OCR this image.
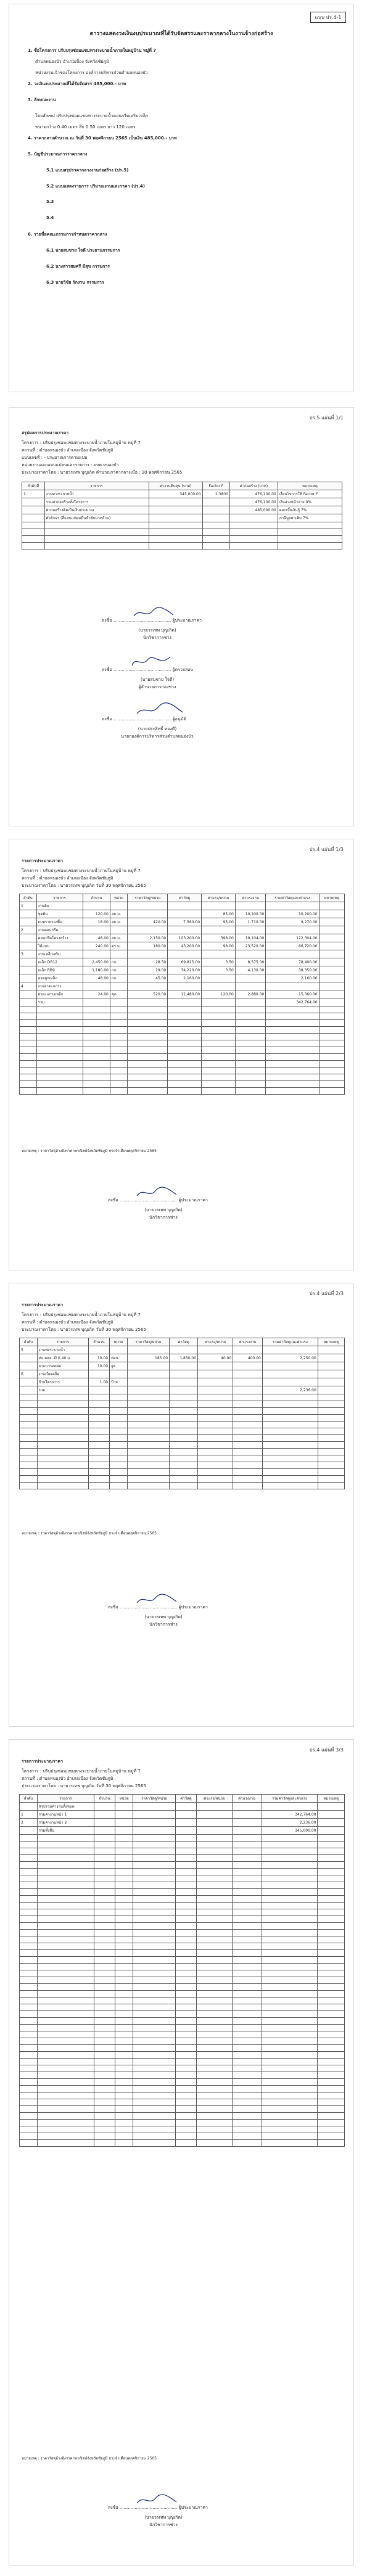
แบบ ปร.4-1
ตารางแสดงวงเงินงบประมาณที่ได้รับจัดสรรและราคากลางในงานจ้างก่อสร้าง
1. ชื่อโครงการ ปรับปรุงซ่อมแซมทางระบายน้ำภายในหมู่บ้าน หมู่ที่ 7
ตำบลหนองบัว อำเภอเมือง จังหวัดชัยภูมิ
หน่วยงานเจ้าของโครงการ องค์การบริหารส่วนตำบลหนองบัว
2. วงเงินงบประมาณที่ได้รับจัดสรร 485,000.- บาท
3. ลักษณะงาน
โดยสังเขป ปรับปรุงซ่อมแซมทางระบายน้ำคอนกรีตเสริมเหล็ก
ขนาดกว้าง 0.40 เมตร ลึก 0.50 เมตร ยาว 120 เมตร
4. ราคากลางคำนวณ ณ วันที่ 30 พฤศจิกายน 2565 เป็นเงิน 485,000.- บาท
5. บัญชีประมาณการราคากลาง
5.1 แบบสรุปราคากลางงานก่อสร้าง (ปร.5)
5.2 แบบแสดงรายการ ปริมาณงานและราคา (ปร.4)
5.3
5.4
6. รายชื่อคณะกรรมการกำหนดราคากลาง
6.1 นายสมชาย ใจดี ประธานกรรมการ
6.2 นางสาวสมศรี มีสุข กรรมการ
6.3 นายวิชัย รักงาน กรรมการ
ปร.5 แผ่นที่ 1/1
สรุปผลการประมาณราคา
โครงการ : ปรับปรุงซ่อมแซมทางระบายน้ำภายในหมู่บ้าน หมู่ที่ 7
สถานที่ : ตำบลหนองบัว อำเภอเมือง จังหวัดชัยภูมิ
แบบเลขที่ : - ประมาณการตามแบบ
หน่วยงานออกแบบแปลนและรายการ : อบต.หนองบัว
ประมาณราคาโดย : นายวรเทพ บุญเกิด คำนวณราคากลางเมื่อ : 30 พฤศจิกายน 2565
ลำดับที่	รายการ	ค่างานต้นทุน (บาท)	Factor F	ค่าก่อสร้าง (บาท)	หมายเหตุ
1	งานทางระบายน้ำ	345,000.00	1.3800	476,100.00	เงื่อนไขการใช้ Factor F
	รวมค่าก่อสร้างทั้งโครงการ			476,100.00	เงินล่วงหน้าจ่าย 0%
	ค่าก่อสร้างคิดเป็นเงินประมาณ			485,000.00	ดอกเบี้ยเงินกู้ 7%
	ตัวอักษร (สี่แสนแปดหมื่นห้าพันบาทถ้วน)				ภาษีมูลค่าเพิ่ม 7%

ลงชื่อ .......................................... ผู้ประมาณราคา
(นายวรเทพ บุญเกิด)
นักวิชาการช่าง
ลงชื่อ .......................................... ผู้ตรวจสอบ
(นายสมชาย ใจดี)
ผู้อำนวยการกองช่าง
ลงชื่อ .......................................... ผู้อนุมัติ
(นายประสิทธิ์ ทองดี)
นายกองค์การบริหารส่วนตำบลหนองบัว
ปร.4 แผ่นที่ 1/3
รายการประมาณราคา
โครงการ : ปรับปรุงซ่อมแซมทางระบายน้ำภายในหมู่บ้าน หมู่ที่ 7
สถานที่ : ตำบลหนองบัว อำเภอเมือง จังหวัดชัยภูมิ
ประมาณราคาโดย : นายวรเทพ บุญเกิด วันที่ 30 พฤศจิกายน 2565
ลำดับ	รายการ	จำนวน	หน่วย	ราคาวัสดุ/หน่วย	ค่าวัสดุ	ค่าแรง/หน่วย	ค่าแรงงาน	รวมค่าวัสดุและค่าแรง	หมายเหตุ
1	งานดิน								
	ขุดดิน	120.00	ลบ.ม.			85.00	10,200.00	10,200.00	
	ถมทรายรองพื้น	18.00	ลบ.ม.	420.00	7,560.00	95.00	1,710.00	9,270.00	
2	งานคอนกรีต								
	คอนกรีตโครงสร้าง	48.00	ลบ.ม.	2,150.00	103,200.00	398.00	19,104.00	122,304.00	
	ไม้แบบ	240.00	ตร.ม.	180.00	43,200.00	98.00	23,520.00	66,720.00	
3	งานเหล็กเสริม								
	เหล็ก DB12	2,450.00	กก.	28.50	69,825.00	3.50	8,575.00	78,400.00	
	เหล็ก RB9	1,180.00	กก.	29.00	34,220.00	3.50	4,130.00	38,350.00	
	ลวดผูกเหล็ก	48.00	กก.	45.00	2,160.00			2,160.00	
4	งานฝาตะแกรง								
	ฝาตะแกรงเหล็ก	24.00	ชุด	520.00	12,480.00	120.00	2,880.00	15,360.00	
	รวม							342,764.00	

หมายเหตุ : ราคาวัสดุอ้างอิงราคาพาณิชย์จังหวัดชัยภูมิ ประจำเดือนพฤศจิกายน 2565
ลงชื่อ .......................................... ผู้ประมาณราคา
(นายวรเทพ บุญเกิด)
นักวิชาการช่าง
ปร.4 แผ่นที่ 2/3
รายการประมาณราคา
โครงการ : ปรับปรุงซ่อมแซมทางระบายน้ำภายในหมู่บ้าน หมู่ที่ 7
สถานที่ : ตำบลหนองบัว อำเภอเมือง จังหวัดชัยภูมิ
ประมาณราคาโดย : นายวรเทพ บุญเกิด วันที่ 30 พฤศจิกายน 2565
ลำดับ	รายการ	จำนวน	หน่วย	ราคาวัสดุ/หน่วย	ค่าวัสดุ	ค่าแรง/หน่วย	ค่าแรงงาน	รวมค่าวัสดุและค่าแรง	หมายเหตุ
5	งานท่อระบายน้ำ								
	ท่อ คสล. Ø 0.40 ม.	10.00	ท่อน	185.00	1,850.00	40.00	400.00	2,250.00	
	ยาแนวรอยต่อ	10.00	จุด						
6	งานเบ็ดเตล็ด								
	ป้ายโครงการ	1.00	ป้าย						
	รวม							2,236.00	

หมายเหตุ : ราคาวัสดุอ้างอิงราคาพาณิชย์จังหวัดชัยภูมิ ประจำเดือนพฤศจิกายน 2565
ลงชื่อ .......................................... ผู้ประมาณราคา
(นายวรเทพ บุญเกิด)
นักวิชาการช่าง
ปร.4 แผ่นที่ 3/3
รายการประมาณราคา
โครงการ : ปรับปรุงซ่อมแซมทางระบายน้ำภายในหมู่บ้าน หมู่ที่ 7
สถานที่ : ตำบลหนองบัว อำเภอเมือง จังหวัดชัยภูมิ
ประมาณราคาโดย : นายวรเทพ บุญเกิด วันที่ 30 พฤศจิกายน 2565
ลำดับ	รายการ	จำนวน	หน่วย	ราคาวัสดุ/หน่วย	ค่าวัสดุ	ค่าแรง/หน่วย	ค่าแรงงาน	รวมค่าวัสดุและค่าแรง	หมายเหตุ
	สรุปรวมค่างานทั้งหมด								
1	รวมค่างานหน้า 1							342,764.00	
2	รวมค่างานหน้า 2							2,236.00	
	รวมทั้งสิ้น							345,000.00	

หมายเหตุ : ราคาวัสดุอ้างอิงราคาพาณิชย์จังหวัดชัยภูมิ ประจำเดือนพฤศจิกายน 2565
ลงชื่อ .......................................... ผู้ประมาณราคา
(นายวรเทพ บุญเกิด)
นักวิชาการช่าง
